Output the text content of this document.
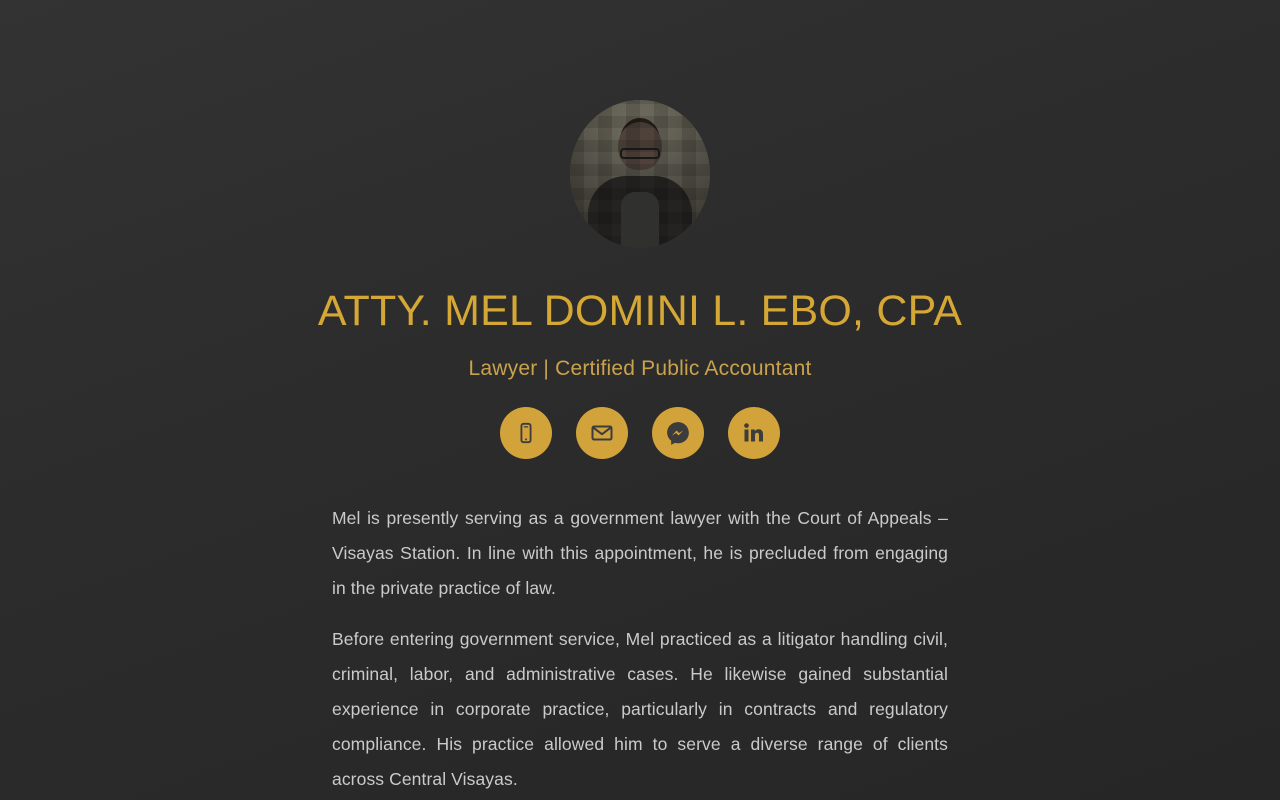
ATTY. MEL DOMINI L. EBO, CPA
Lawyer | Certified Public Accountant

Mel is presently serving as a government lawyer with the Court of Appeals – Visayas Station. In line with this appointment, he is precluded from engaging in the private practice of law.

Before entering government service, Mel practiced as a litigator handling civil, criminal, labor, and administrative cases. He likewise gained substantial experience in corporate practice, particularly in contracts and regulatory compliance. His practice allowed him to serve a diverse range of clients across Central Visayas.
